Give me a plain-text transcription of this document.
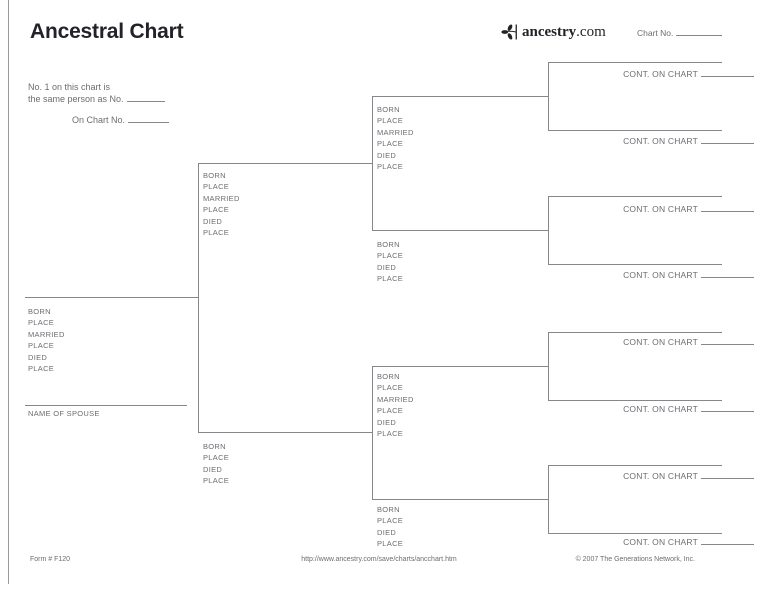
Ancestral Chart	ancestry .com	Chart No.
No. 1 on this chart is
the same person as No.
On Chart No.
BORN
PLACE
MARRIED
PLACE
DIED
PLACE
NAME OF SPOUSE
BORN
PLACE
MARRIED
PLACE
DIED
PLACE
BORN
PLACE
DIED
PLACE
BORN
PLACE
MARRIED
PLACE
DIED
PLACE
BORN
PLACE
DIED
PLACE
BORN
PLACE
MARRIED
PLACE
DIED
PLACE
BORN
PLACE
DIED
PLACE
CONT. ON CHART
CONT. ON CHART
CONT. ON CHART
CONT. ON CHART
CONT. ON CHART
CONT. ON CHART
CONT. ON CHART
CONT. ON CHART
Form # F120	http://www.ancestry.com/save/charts/ancchart.htm	© 2007 The Generations Network, Inc.
